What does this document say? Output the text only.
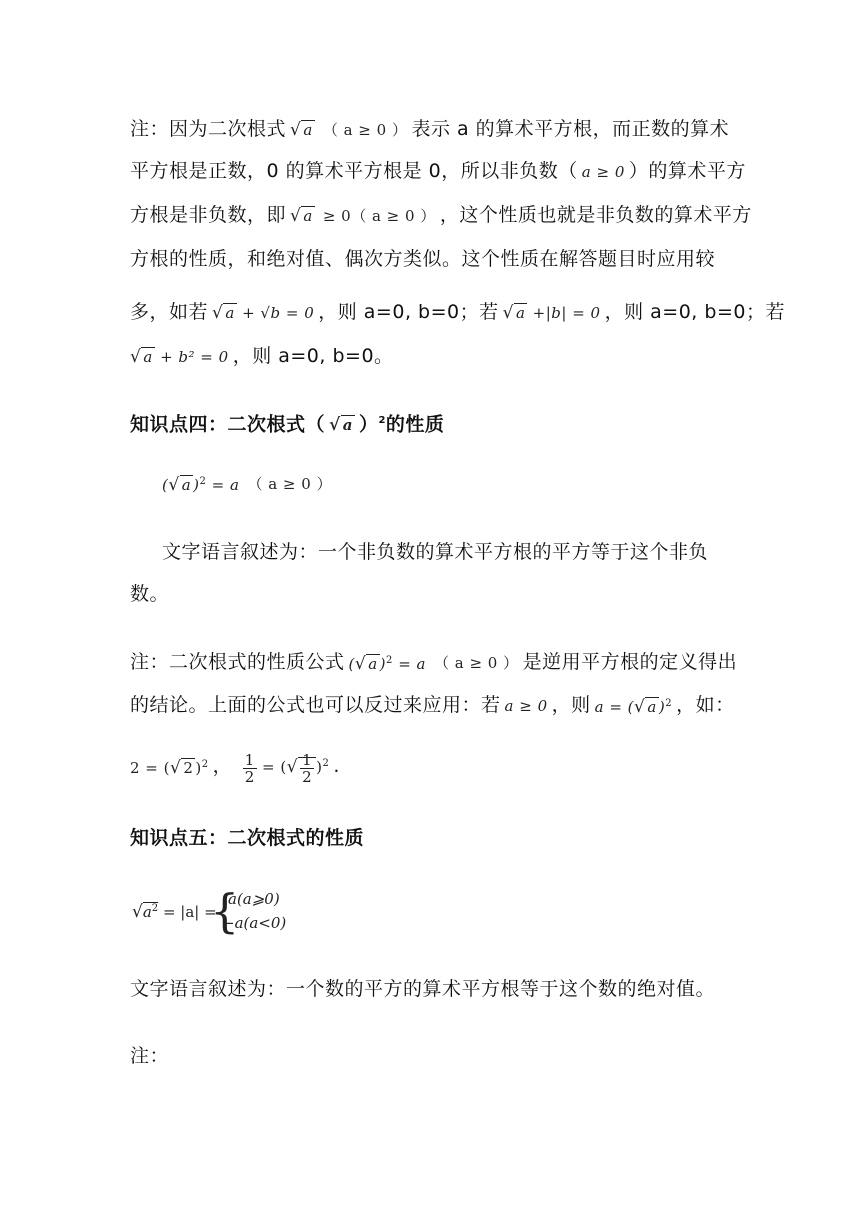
注：因为二次根式 √ a （ a ≥ 0 ） 表示 a 的算术平方根，而正数的算术
平方根是正数，0 的算术平方根是 0，所以非负数（ a ≥ 0 ）的算术平方
方根是非负数，即 √ a ≥ 0（ a ≥ 0 ） ，这个性质也就是非负数的算术平方
方根的性质，和绝对值、偶次方类似。这个性质在解答题目时应用较
多，如若 √ a + √b = 0 ，则 a=0, b=0；若 √ a +|b| = 0 ，则 a=0, b=0；若
√ a + b² = 0 ，则 a=0, b=0。
知识点四：二次根式（ √ a ）$^2$的性质
(√ a )$^2$ = a （ a ≥ 0 ）
文字语言叙述为：一个非负数的算术平方根的平方等于这个非负
数。
注：二次根式的性质公式 (√ a )$^2$ = a （ a ≥ 0 ） 是逆用平方根的定义得出
的结论。上面的公式也可以反过来应用：若 a ≥ 0 ，则 a = (√ a )$^2$ ，如：
2 = (√ 2 )$^2$ ， $\frac{1}{2}$ = (√ $\frac{1}{2} )^2$ .
知识点五：二次根式的性质
$√a^2 = |a|$ =
{
a(a⩾0)
−a(a<0)
文字语言叙述为：一个数的平方的算术平方根等于这个数的绝对值。
注：
